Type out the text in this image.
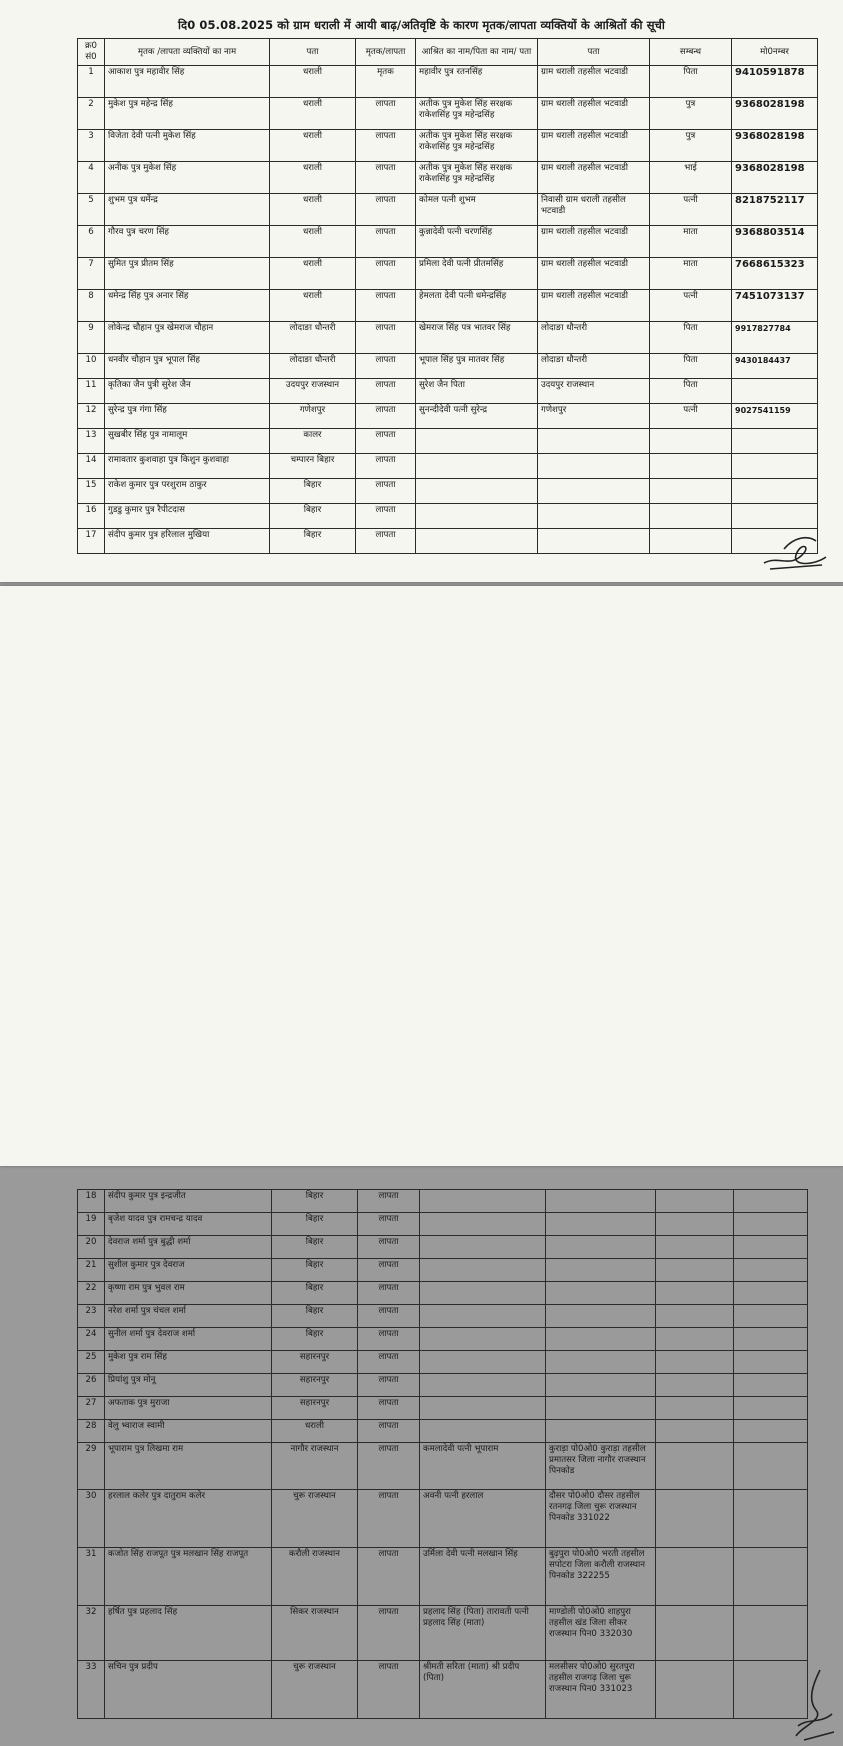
दि0 05.08.2025 को ग्राम धराली में आयी बाढ़/अतिवृष्टि के कारण मृतक/लापता व्यक्तियों के आश्रितों की सूची
क्र0 सं0	मृतक /लापता व्यक्तियों का नाम	पता	मृतक/लापता	आश्रित का नाम/पिता का नाम/ पता	पता	सम्बन्ध	मो0नम्बर
1	आकाश पुत्र महावीर सिंह	धराली	मृतक	महावीर पुत्र रतनसिंह	ग्राम धराली तहसील भटवाडी	पिता	9410591878
2	मुकेश पुत्र महेन्द्र सिंह	धराली	लापता	अतीक पुत्र मुकेश सिंह सरक्षक राकेशसिंह पुत्र महेन्द्रसिंह	ग्राम धराली तहसील भटवाडी	पुत्र	9368028198
3	विजेता देवी पत्नी मुकेश सिंह	धराली	लापता	अतीक पुत्र मुकेश सिंह सरक्षक राकेशसिंह पुत्र महेन्द्रसिंह	ग्राम धराली तहसील भटवाडी	पुत्र	9368028198
4	अनीक पुत्र मुकेश सिंह	धराली	लापता	अतीक पुत्र मुकेश सिंह सरक्षक राकेशसिंह पुत्र महेन्द्रसिंह	ग्राम धराली तहसील भटवाडी	भाई	9368028198
5	शुभम पुत्र धर्मेन्द्र	धराली	लापता	कोमल पत्नी शुभम	निवासी ग्राम धराली तहसील भटवाडी	पत्नी	8218752117
6	गौरव पुत्र चरण सिंह	धराली	लापता	कुन्नादेवी पत्नी चरणसिंह	ग्राम धराली तहसील भटवाडी	माता	9368803514
7	सुमित पुत्र प्रीतम सिंह	धराली	लापता	प्रमिला देवी पत्नी प्रीतमसिंह	ग्राम धराली तहसील भटवाडी	माता	7668615323
8	धमेन्द्र सिंह पुत्र अनार सिंह	धराली	लापता	हेमलता देवी पत्नी धमेन्द्रसिंह	ग्राम धराली तहसील भटवाडी	पत्नी	7451073137
9	लोकेन्द्र चौहान पुत्र खेमराज चौहान	लोदाङा धौन्तरी	लापता	खेमराज सिंह पत्र भातवर सिंह	लोदाङा धौन्तरी	पिता	9917827784
10	धनवीर चौहान पुत्र भूपाल सिंह	लोदाङा धौन्तरी	लापता	भूपाल सिंह पुत्र मातवर सिंह	लोदाङा धौन्तरी	पिता	9430184437
11	कृतिका जैन पुत्री सुरेश जैन	उदयपुर राजस्थान	लापता	सुरेश जैन पिता	उदयपुर राजस्थान	पिता	
12	सुरेन्द्र पुत्र गंगा सिंह	गणेशपुर	लापता	सुनन्दीदेवी पत्नी सुरेन्द्र	गणेशपुर	पत्नी	9027541159
13	सुखबीर सिंह पुत्र नामालूम	कालर	लापता				
14	रामावतार कुशवाहा पुत्र किशुन कुशवाहा	चम्पारन बिहार	लापता				
15	राकेश कुमार पुत्र परशुराम ठाकुर	बिहार	लापता				
16	गुडडु कुमार पुत्र रैपीटदास	बिहार	लापता				
17	संदीप कुमार पुत्र हरिलाल मुखिया	बिहार	लापता				
18	संदीप कुमार पुत्र इन्द्रजीत	बिहार	लापता				
19	बृजेश यादव पुत्र रामचन्द्र यादव	बिहार	लापता				
20	देवराज शर्मा पुत्र बुद्धी शर्मा	बिहार	लापता				
21	सुशील कुमार पुत्र देवराज	बिहार	लापता				
22	कृष्णा राम पुत्र भुवल राम	बिहार	लापता				
23	नरेश शर्मा पुत्र चंचल शर्मा	बिहार	लापता				
24	सुनील शर्मा पुत्र देवराज शर्मा	बिहार	लापता				
25	मुकेश पुत्र राम सिंह	सहारनपुर	लापता				
26	प्रियांशु पुत्र मोनू	सहारनपुर	लापता				
27	अफताक पुत्र मुराजा	सहारनपुर	लापता				
28	वेलु भ्वाराज स्वामी	धराली	लापता				
29	भूपाराम पुत्र लिखमा राम	नागौर राजस्थान	लापता	कमलादेवी पत्नी भूपाराम	कुराड़ा पो0ओ0 कुराड़ा तहसील प्रमातसर जिला नागौर राजस्थान पिनकोड		
30	हरलाल कलेर पुत्र दातुराम कलेर	चुरू राजस्थान	लापता	अवनी पत्नी हरलाल	दौसर पो0ओ0 दौसर तहसील रतनगढ़ जिला चुरू राजस्थान पिनकोड 331022		
31	कजोत सिंह राजपूत पुत्र मलखान सिंह राजपूत	करौली राजस्थान	लापता	उर्मिला देवी पत्नी मलखान सिंह	बुढ़पुरा पो0ओ0 भरती तहसील सपोटरा जिला करौली राजस्थान पिनकोड 322255		
32	हर्षित पुत्र प्रहलाद सिंह	सिकर राजस्थान	लापता	प्रहलाद सिंह (पिता) तारावती पत्नी प्रहलाद सिंह (माता)	माण्डोली पो0ओ0 शाहपुरा तहसील खंड जिला सीकर राजस्थान पिन0 332030		
33	सचिन पुत्र प्रदीप	चुरू राजस्थान	लापता	श्रीमती सरिता (माता) श्री प्रदीप (पिता)	मलसीसर पो0ओ0 सुरतपुरा तहसील राजगढ़ जिला चुरू राजस्थान पिन0 331023		
